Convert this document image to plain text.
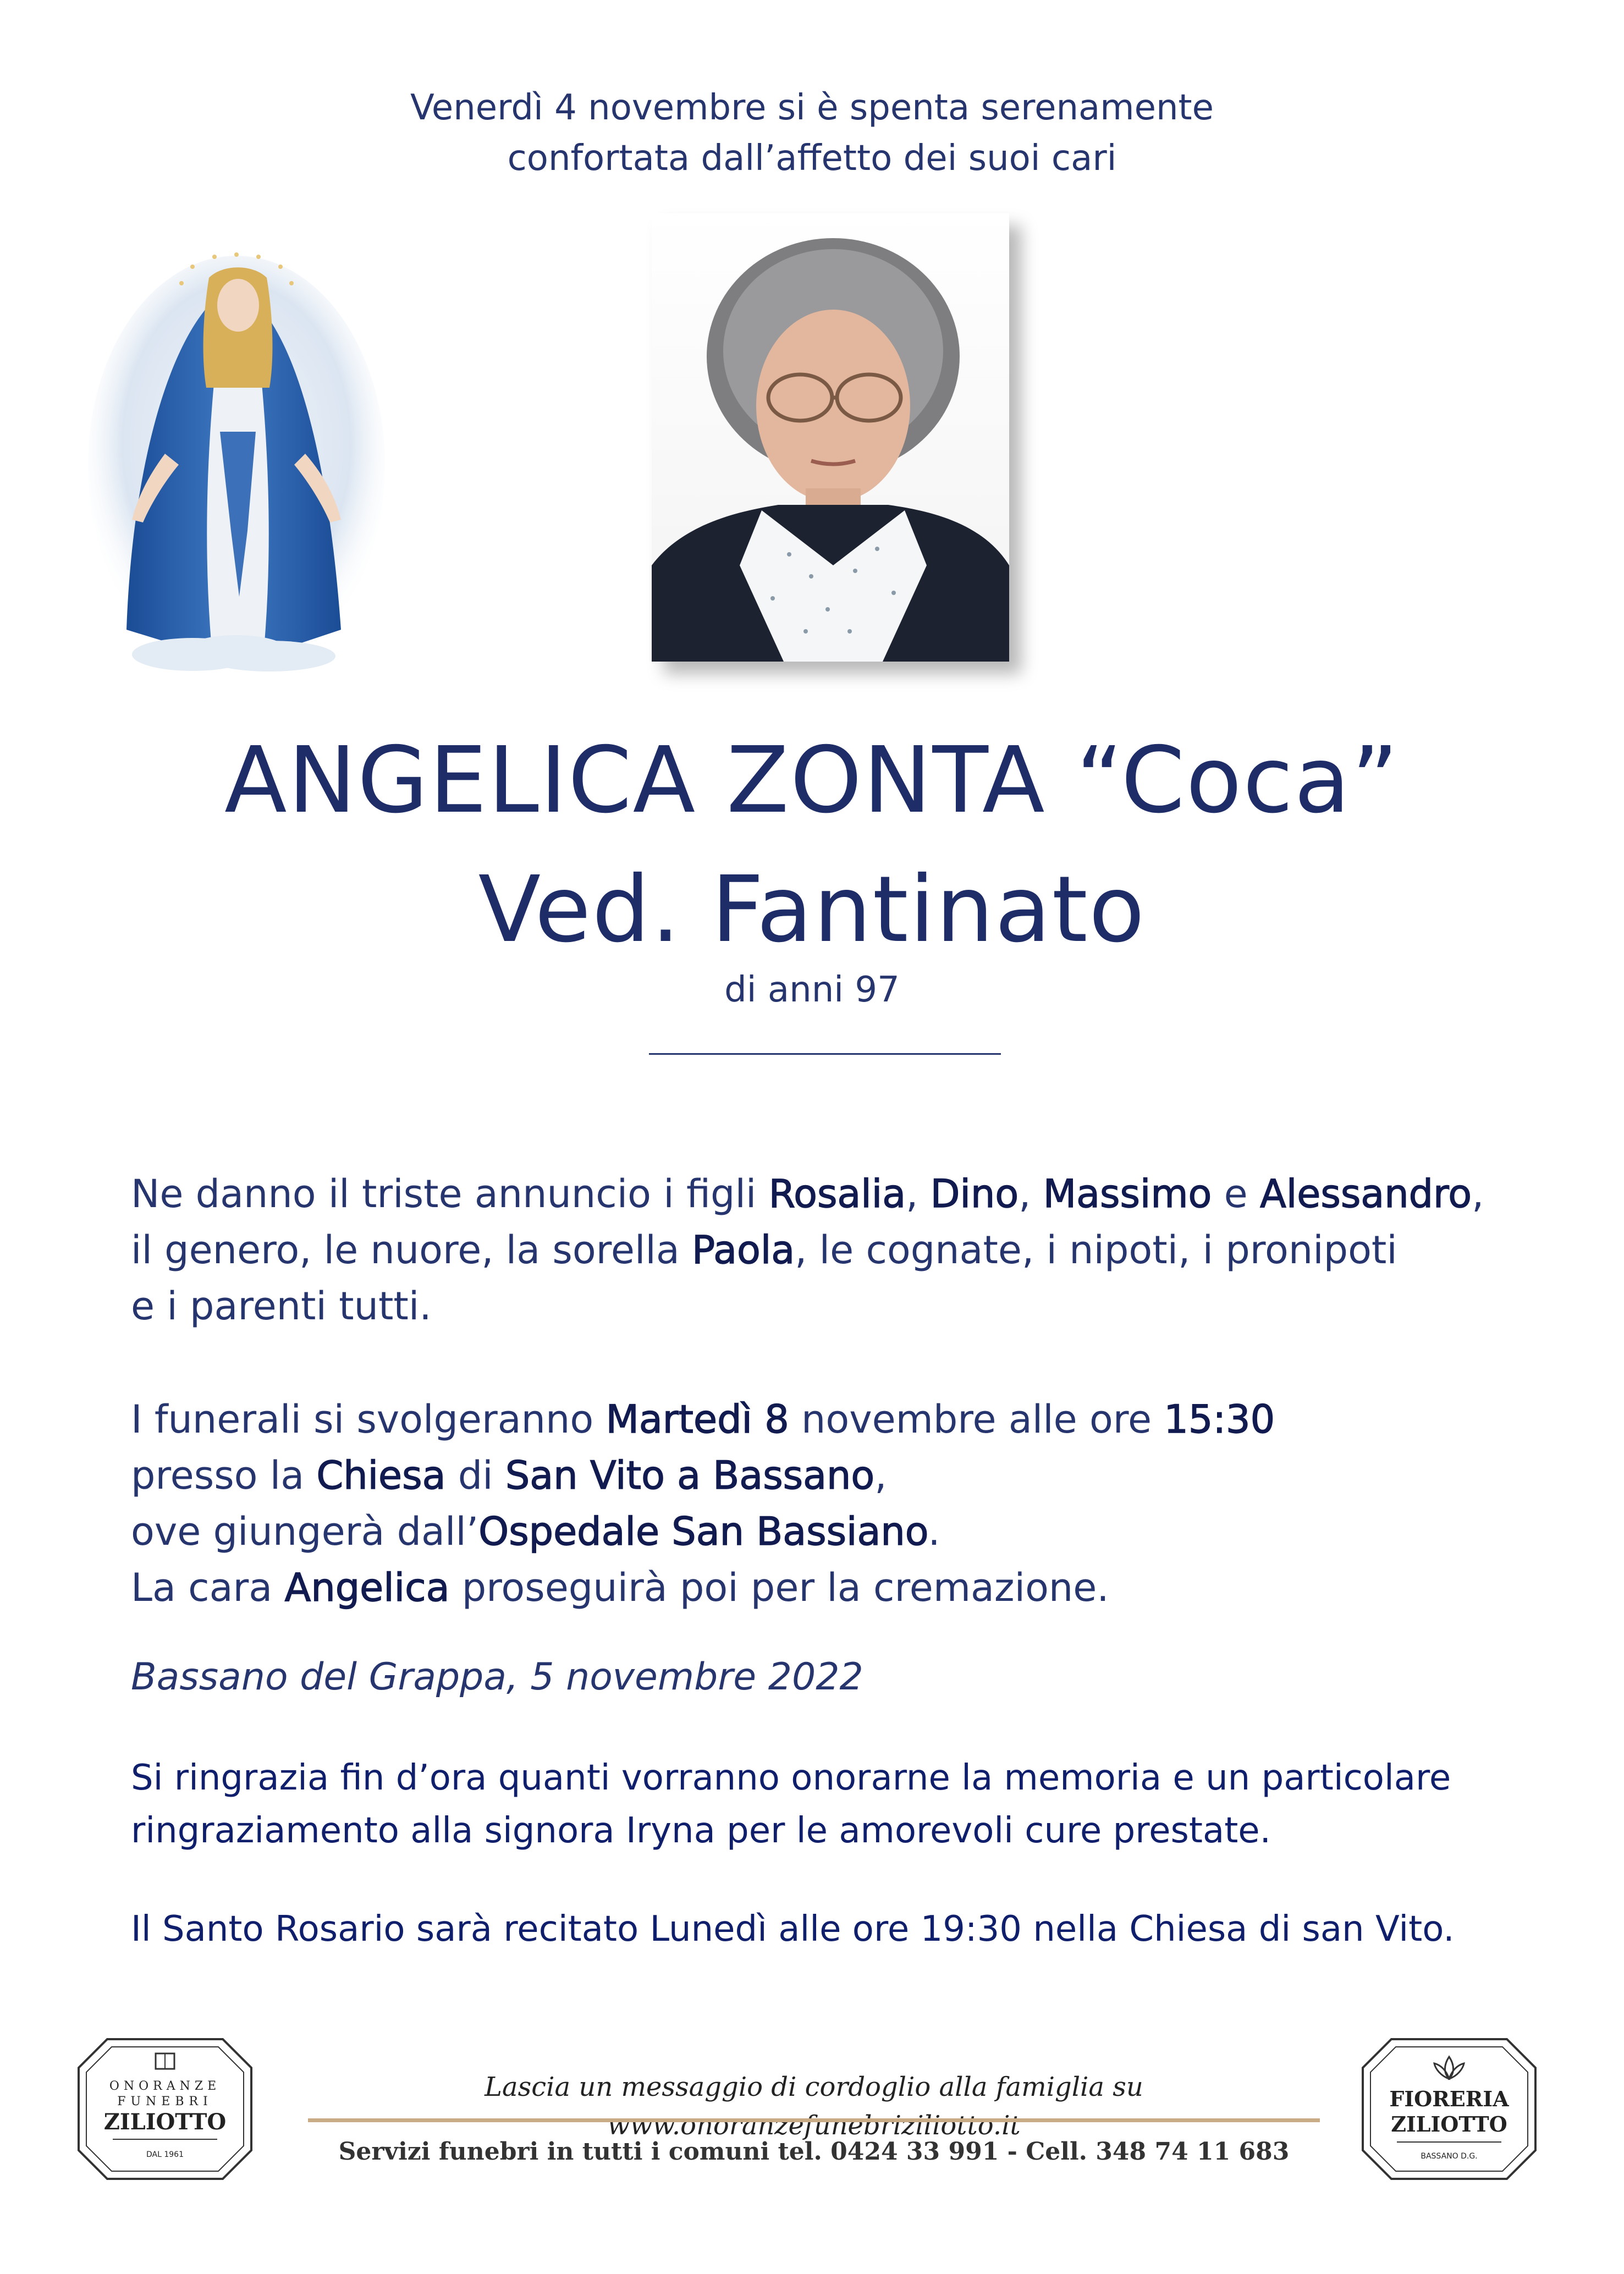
Venerdì 4 novembre si è spenta serenamente
confortata dall’affetto dei suoi cari
ANGELICA ZONTA “Coca”
Ved. Fantinato
di anni 97
Ne danno il triste annuncio i figli Rosalia, Dino, Massimo e Alessandro,
il genero, le nuore, la sorella Paola, le cognate, i nipoti, i pronipoti
e i parenti tutti.
I funerali si svolgeranno Martedì 8 novembre alle ore 15:30
presso la Chiesa di San Vito a Bassano,
ove giungerà dall’Ospedale San Bassiano.
La cara Angelica proseguirà poi per la cremazione.
Bassano del Grappa, 5 novembre 2022
Si ringrazia fin d’ora quanti vorranno onorarne la memoria e un particolare
ringraziamento alla signora Iryna per le amorevoli cure prestate.
Il Santo Rosario sarà recitato Lunedì alle ore 19:30 nella Chiesa di san Vito.
ONORANZE
FUNEBRI
ZILIOTTO
DAL 1961
Lascia un messaggio di cordoglio alla famiglia su www.onoranzefunebriziliotto.it
Servizi funebri in tutti i comuni tel. 0424 33 991 - Cell. 348 74 11 683
FIORERIA
ZILIOTTO
BASSANO D.G.
